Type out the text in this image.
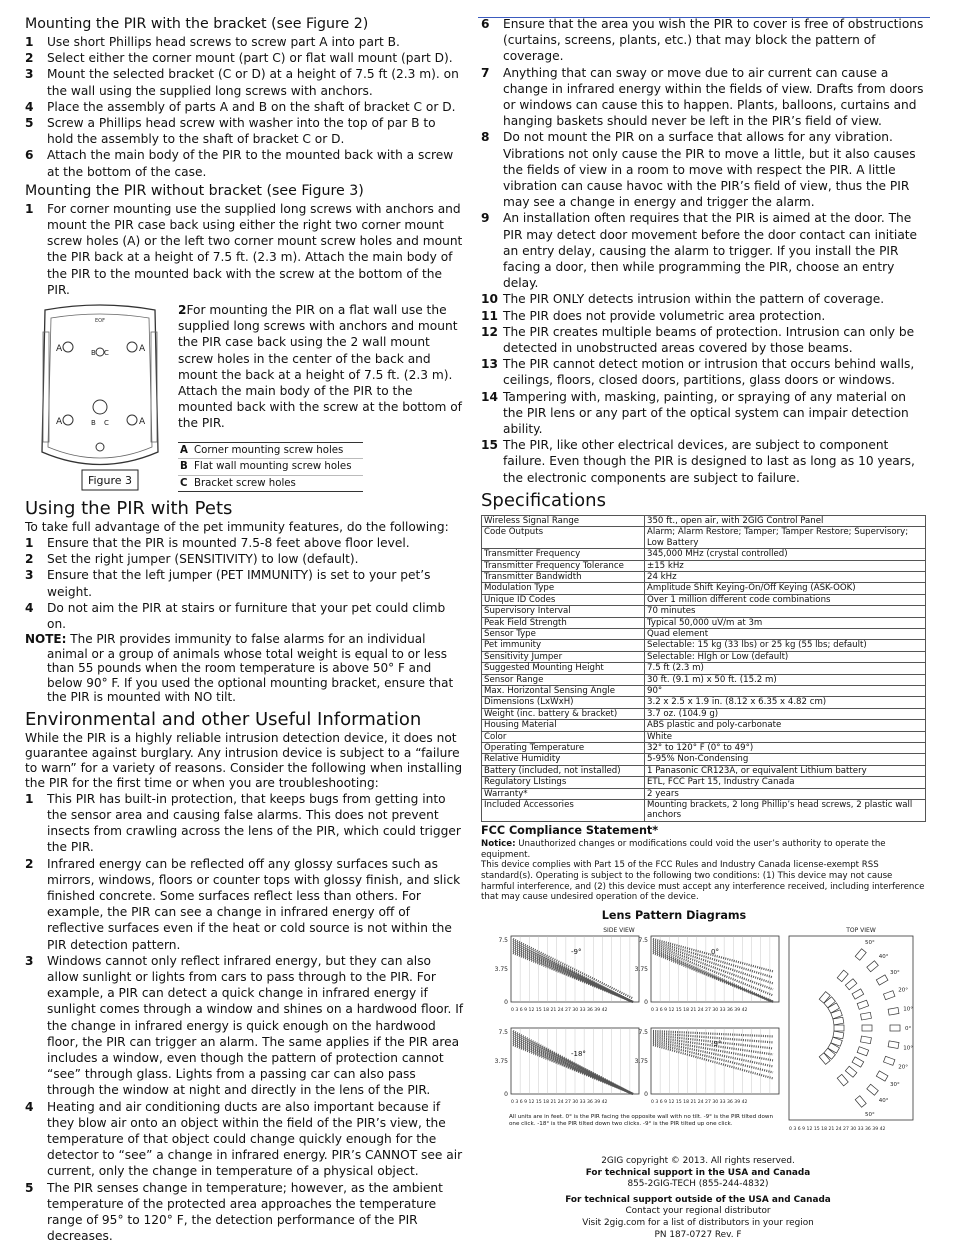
Mounting the PIR with the bracket (see Figure 2)
1	Use short Phillips head screws to screw part A into part B.
2	Select either the corner mount (part C) or flat wall mount (part D).
3	Mount the selected bracket (C or D) at a height of 7.5 ft (2.3 m). on the wall using the supplied long screws with anchors.
4	Place the assembly of parts A and B on the shaft of bracket C or D.
5	Screw a Phillips head screw with washer into the top of par B to hold the assembly to the shaft of bracket C or D.
6	Attach the main body of the PIR to the mounted back with a screw at the bottom of the case.
Mounting the PIR without bracket (see Figure 3)
1	For corner mounting use the supplied long screws with anchors and mount the PIR case back using either the right two corner mount screw holes (A) or the left two corner mount screw holes and mount the PIR back at a height of 7.5 ft. (2.3 m). Attach the main body of the PIR to the mounted back with the screw at the bottom of the PIR.
EOF
A	A
A	A
B C
B C
Figure 3
2For mounting the PIR on a flat wall use the supplied long screws with anchors and mount the PIR case back using the 2 wall mount screw holes in the center of the back and mount the back at a height of 7.5 ft. (2.3 m). Attach the main body of the PIR to the mounted back with the screw at the bottom of the PIR.
A Corner mounting screw holes
B Flat wall mounting screw holes
C Bracket screw holes
Using the PIR with Pets

To take full advantage of the pet immunity features, do the following:

1	Ensure that the PIR is mounted 7.5-8 feet above floor level.
2	Set the right jumper (SENSITIVITY) to low (default).
3	Ensure that the left jumper (PET IMMUNITY) is set to your pet’s weight.
4	Do not aim the PIR at stairs or furniture that your pet could climb on.
NOTE: The PIR provides immunity to false alarms for an individual
animal or a group of animals whose total weight is equal to or less
than 55 pounds when the room temperature is above 50° F and
below 90° F. If you used the optional mounting bracket, ensure that
the PIR is mounted with NO tilt.
Environmental and other Useful Information

While the PIR is a highly reliable intrusion detection device, it does not guarantee against burglary. Any intrusion device is subject to a “failure to warn” for a variety of reasons. Consider the following when installing the PIR for the first time or when you are troubleshooting:

1	This PIR has built-in protection, that keeps bugs from getting into the sensor area and causing false alarms. This does not prevent insects from crawling across the lens of the PIR, which could trigger the PIR.
2	Infrared energy can be reflected off any glossy surfaces such as mirrors, windows, floors or counter tops with glossy finish, and slick finished concrete. Some surfaces reflect less than others. For example, the PIR can see a change in infrared energy off of reflective surfaces even if the heat or cold source is not within the PIR detection pattern.
3	Windows cannot only reflect infrared energy, but they can also allow sunlight or lights from cars to pass through to the PIR. For example, a PIR can detect a quick change in infrared energy if sunlight comes through a window and shines on a hardwood floor. If the change in infrared energy is quick enough on the hardwood floor, the PIR can trigger an alarm. The same applies if the PIR area includes a window, even though the pattern of protection cannot “see” through glass. Lights from a passing car can also pass through the window at night and directly in the lens of the PIR.
4	Heating and air conditioning ducts are also important because if they blow air onto an object within the field of the PIR’s view, the temperature of that object could change quickly enough for the detector to “see” a change in infrared energy. PIR’s CANNOT see air current, only the change in temperature of a physical object.
5	The PIR senses change in temperature; however, as the ambient temperature of the protected area approaches the temperature range of 95° to 120° F, the detection performance of the PIR decreases.
6	Ensure that the area you wish the PIR to cover is free of obstructions (curtains, screens, plants, etc.) that may block the pattern of coverage.
7	Anything that can sway or move due to air current can cause a change in infrared energy within the fields of view. Drafts from doors or windows can cause this to happen. Plants, balloons, curtains and hanging baskets should never be left in the PIR’s field of view.
8	Do not mount the PIR on a surface that allows for any vibration. Vibrations not only cause the PIR to move a little, but it also causes the fields of view in a room to move with respect the PIR. A little vibration can cause havoc with the PIR’s field of view, thus the PIR may see a change in energy and trigger the alarm.
9	An installation often requires that the PIR is aimed at the door. The PIR may detect door movement before the door contact can initiate an entry delay, causing the alarm to trigger. If you install the PIR facing a door, then while programming the PIR, choose an entry delay.
10 The PIR ONLY detects intrusion within the pattern of coverage.
11 The PIR does not provide volumetric area protection.
12 The PIR creates multiple beams of protection. Intrusion can only be detected in unobstructed areas covered by those beams.
13 The PIR cannot detect motion or intrusion that occurs behind walls, ceilings, floors, closed doors, partitions, glass doors or windows.
14 Tampering with, masking, painting, or spraying of any material on the PIR lens or any part of the optical system can impair detection ability.
15 The PIR, like other electrical devices, are subject to component failure. Even though the PIR is designed to last as long as 10 years, the electronic components are subject to failure.
Specifications
Wireless Signal Range	350 ft., open air, with 2GIG Control Panel
Code Outputs	Alarm; Alarm Restore; Tamper; Tamper Restore; Supervisory; Low Battery
Transmitter Frequency	345,000 MHz (crystal controlled)
Transmitter Frequency Tolerance	±15 kHz
Transmitter Bandwidth	24 kHz
Modulation Type	Amplitude Shift Keying-On/Off Keying (ASK-OOK)
Unique ID Codes	Over 1 million different code combinations
Supervisory Interval	70 minutes
Peak Field Strength	Typical 50,000 uV/m at 3m
Sensor Type	Quad element
Pet immunity	Selectable: 15 kg (33 lbs) or 25 kg (55 lbs; default)
Sensitivity Jumper	Selectable: HIgh or Low (default)
Suggested Mounting Height	7.5 ft (2.3 m)
Sensor Range	30 ft. (9.1 m) x 50 ft. (15.2 m)
Max. Horizontal Sensing Angle	90°
Dimensions (LxWxH)	3.2 x 2.5 x 1.9 in. (8.12 x 6.35 x 4.82 cm)
Weight (inc. battery & bracket)	3.7 oz. (104.9 g)
Housing Material	ABS plastic and poly-carbonate
Color	White
Operating Temperature	32° to 120° F (0° to 49°)
Relative Humidity	5-95% Non-Condensing
Battery (included, not installed)	1 Panasonic CR123A, or equivalent Lithium battery
Regulatory LIstings	ETL, FCC Part 15, Industry Canada
Warranty*	2 years
Included Accessories	Mounting brackets, 2 long Phillip’s head screws, 2 plastic wall anchors
FCC Compliance Statement*
Notice: Unauthorized changes or modifications could void the user’s authority to operate the equipment.
This device complies with Part 15 of the FCC Rules and Industry Canada license-exempt RSS standard(s). Operating is subject to the following two conditions: (1) This device may not cause harmful interference, and (2) this device must accept any interference received, including interference that may cause undesired operation of the device.
Lens Pattern Diagrams
SIDE VIEW	TOP VIEW
7.5
3.75
0
0 3 6 9 12 15 18 21 24 27 30 33 36 39 42
-9°
7.5
3.75
0
0 3 6 9 12 15 18 21 24 27 30 33 36 39 42
0°
7.5
3.75
0
0 3 6 9 12 15 18 21 24 27 30 33 36 39 42
-18°
7.5
3.75
0
0 3 6 9 12 15 18 21 24 27 30 33 36 39 42
-9°
50°
40°
30°
20°
10°
0°
10°
20°
30°
40°
50°
0 3 6 9 12 15 18 21 24 27 30 33 36 39 42
All units are in feet. 0° is the PIR facing the opposite wall with no tilt. -9° is the PIR tilted down one click. -18° is the PIR tilted down two clicks. -9° is the PIR tilted up one click.
2GIG copyright © 2013. All rights reserved.
For technical support in the USA and Canada
855-2GIG-TECH (855-244-4832)
For technical support outside of the USA and Canada
Contact your regional distributor
Visit 2gig.com for a list of distributors in your region
PN 187-0727 Rev. F
